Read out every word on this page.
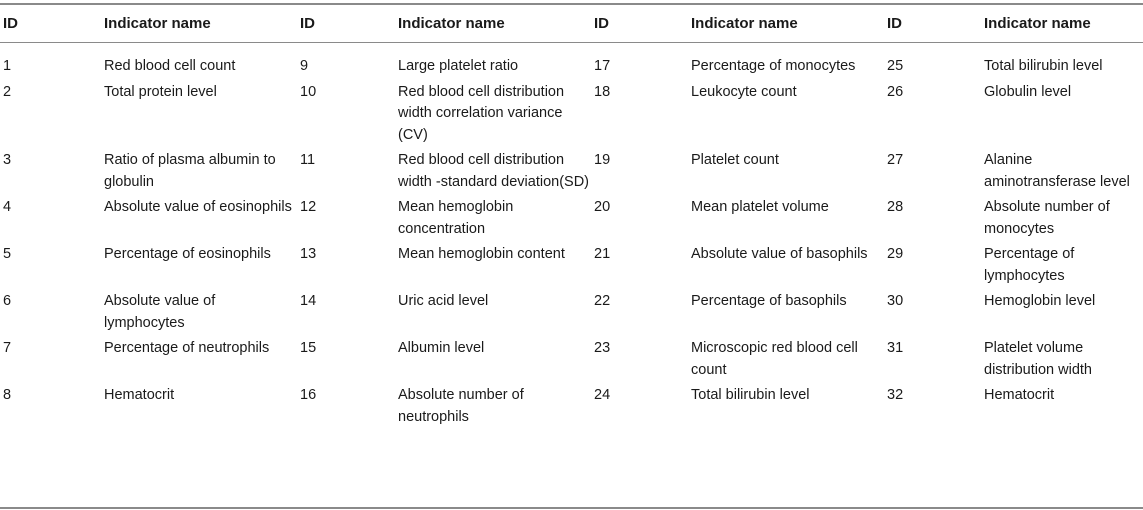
ID	Indicator name	ID	Indicator name	ID	Indicator name	ID	Indicator name
1	Red blood cell count	9	Large platelet ratio	17	Percentage of monocytes	25	Total bilirubin level
2	Total protein level	10	Red blood cell distribution width correlation variance (CV)	18	Leukocyte count	26	Globulin level
3	Ratio of plasma albumin to globulin	11	Red blood cell distribution width -standard deviation(SD)	19	Platelet count	27	Alanine aminotransferase level
4	Absolute value of eosinophils	12	Mean hemoglobin concentration	20	Mean platelet volume	28	Absolute number of monocytes
5	Percentage of eosinophils	13	Mean hemoglobin content	21	Absolute value of basophils	29	Percentage of lymphocytes
6	Absolute value of lymphocytes	14	Uric acid level	22	Percentage of basophils	30	Hemoglobin level
7	Percentage of neutrophils	15	Albumin level	23	Microscopic red blood cell count	31	Platelet volume distribution width
8	Hematocrit	16	Absolute number of neutrophils	24	Total bilirubin level	32	Hematocrit
